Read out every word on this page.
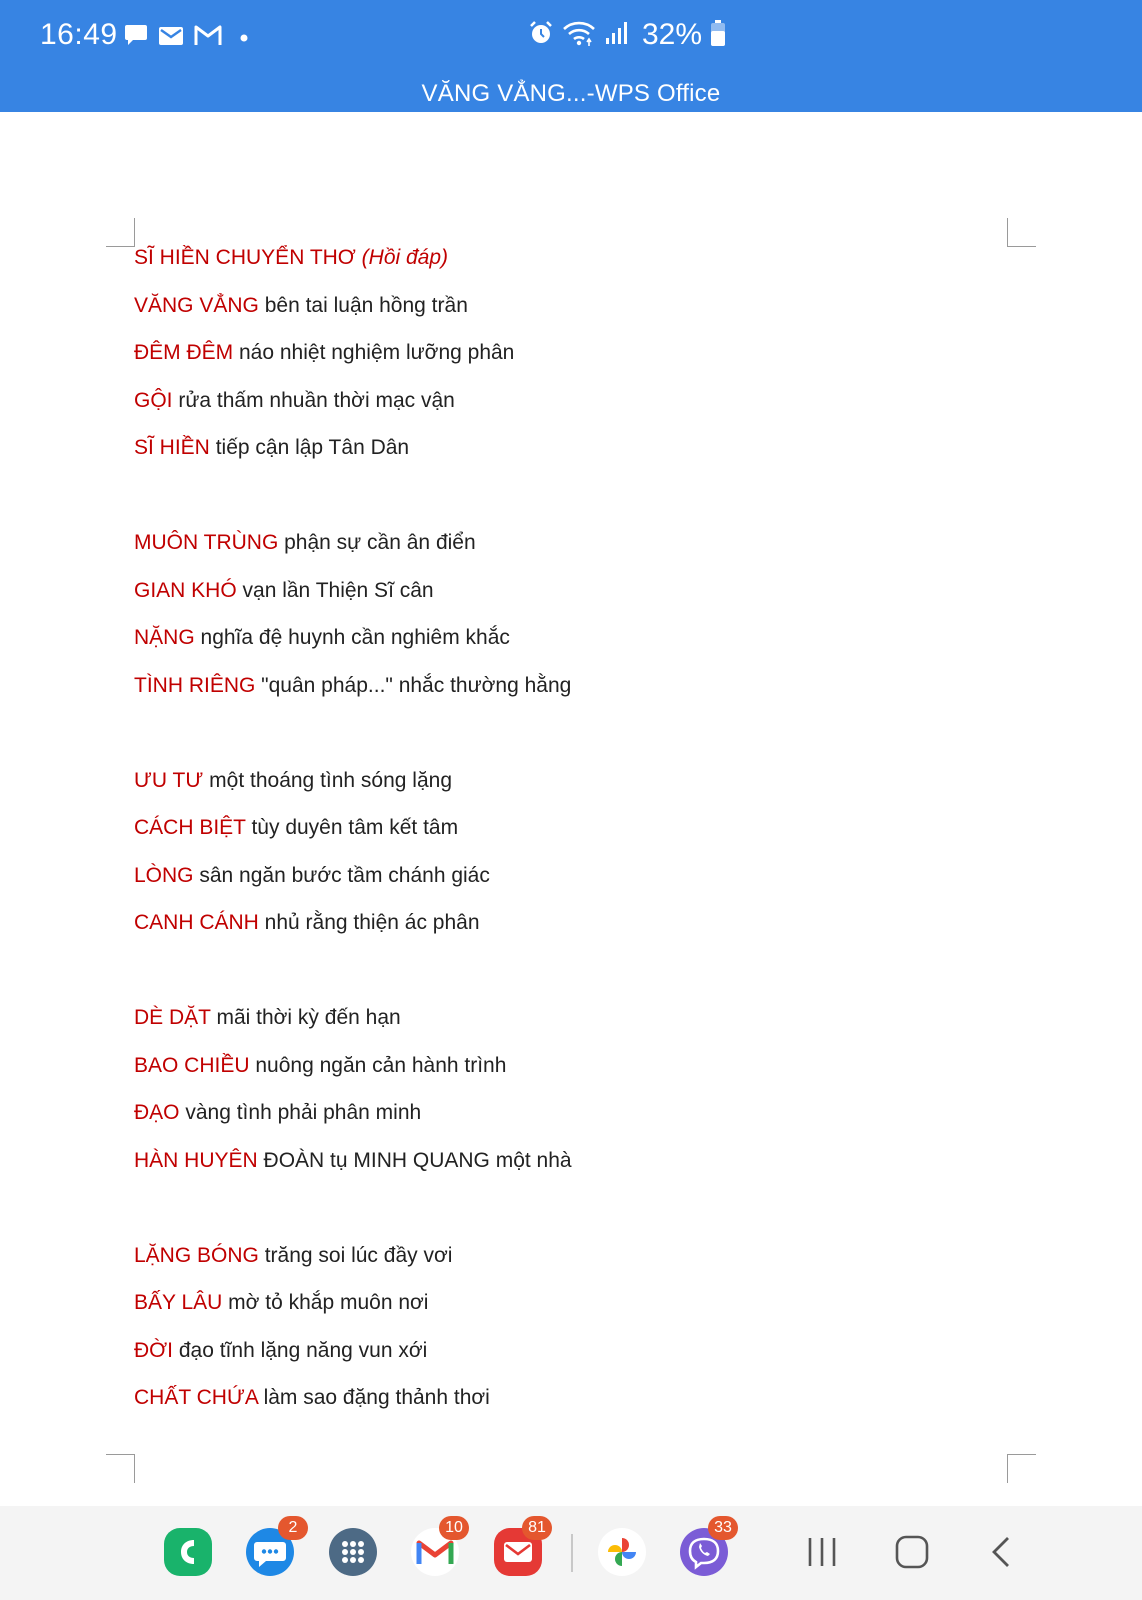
16:49	32%
VĂNG VẲNG...-WPS Office
SĨ HIỀN CHUYỂN THƠ (Hồi đáp)
VĂNG VẲNG bên tai luận hồng trần
ĐÊM ĐÊM náo nhiệt nghiệm lưỡng phân
GỘI rửa thấm nhuần thời mạc vận
SĨ HIỀN tiếp cận lập Tân Dân
MUÔN TRÙNG phận sự cần ân điển
GIAN KHÓ vạn lần Thiện Sĩ cân
NẶNG nghĩa đệ huynh cần nghiêm khắc
TÌNH RIÊNG "quân pháp..." nhắc thường hằng
ƯU TƯ một thoáng tình sóng lặng
CÁCH BIỆT tùy duyên tâm kết tâm
LÒNG sân ngăn bước tầm chánh giác
CANH CÁNH nhủ rằng thiện ác phân
DÈ DẶT mãi thời kỳ đến hạn
BAO CHIỀU nuông ngăn cản hành trình
ĐẠO vàng tình phải phân minh
HÀN HUYÊN ĐOÀN tụ MINH QUANG một nhà
LẶNG BÓNG trăng soi lúc đầy vơi
BẤY LÂU mờ tỏ khắp muôn nơi
ĐỜI đạo tĩnh lặng năng vun xới
CHẤT CHỨA làm sao đặng thảnh thơi
2	10	81	33
